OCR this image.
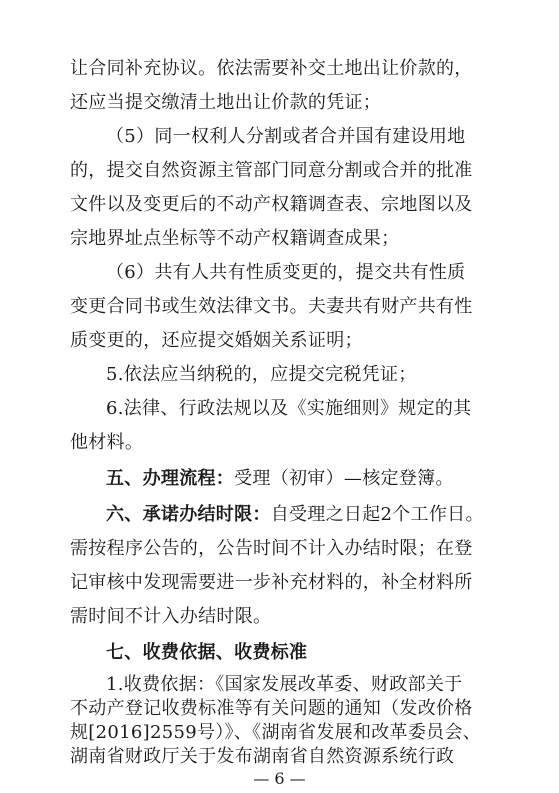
让合同补充协议。依法需要补交土地出让价款的，
还应当提交缴清土地出让价款的凭证；
（5）同一权利人分割或者合并国有建设用地
的，提交自然资源主管部门同意分割或合并的批准
文件以及变更后的不动产权籍调查表、宗地图以及
宗地界址点坐标等不动产权籍调查成果；
（6）共有人共有性质变更的，提交共有性质
变更合同书或生效法律文书。夫妻共有财产共有性
质变更的，还应提交婚姻关系证明；
5.依法应当纳税的，应提交完税凭证；
6.法律、行政法规以及《实施细则》规定的其
他材料。
五、办理流程：受理（初审）—核定登簿。
六、承诺办结时限：自受理之日起2个工作日。
需按程序公告的，公告时间不计入办结时限；在登
记审核中发现需要进一步补充材料的，补全材料所
需时间不计入办结时限。
七、收费依据、收费标准
1.收费依据：《国家发展改革委、财政部关于
不动产登记收费标准等有关问题的通知（发改价格
规[2016]2559号）》、《湖南省发展和改革委员会、
湖南省财政厅关于发布湖南省自然资源系统行政
— 6 —
